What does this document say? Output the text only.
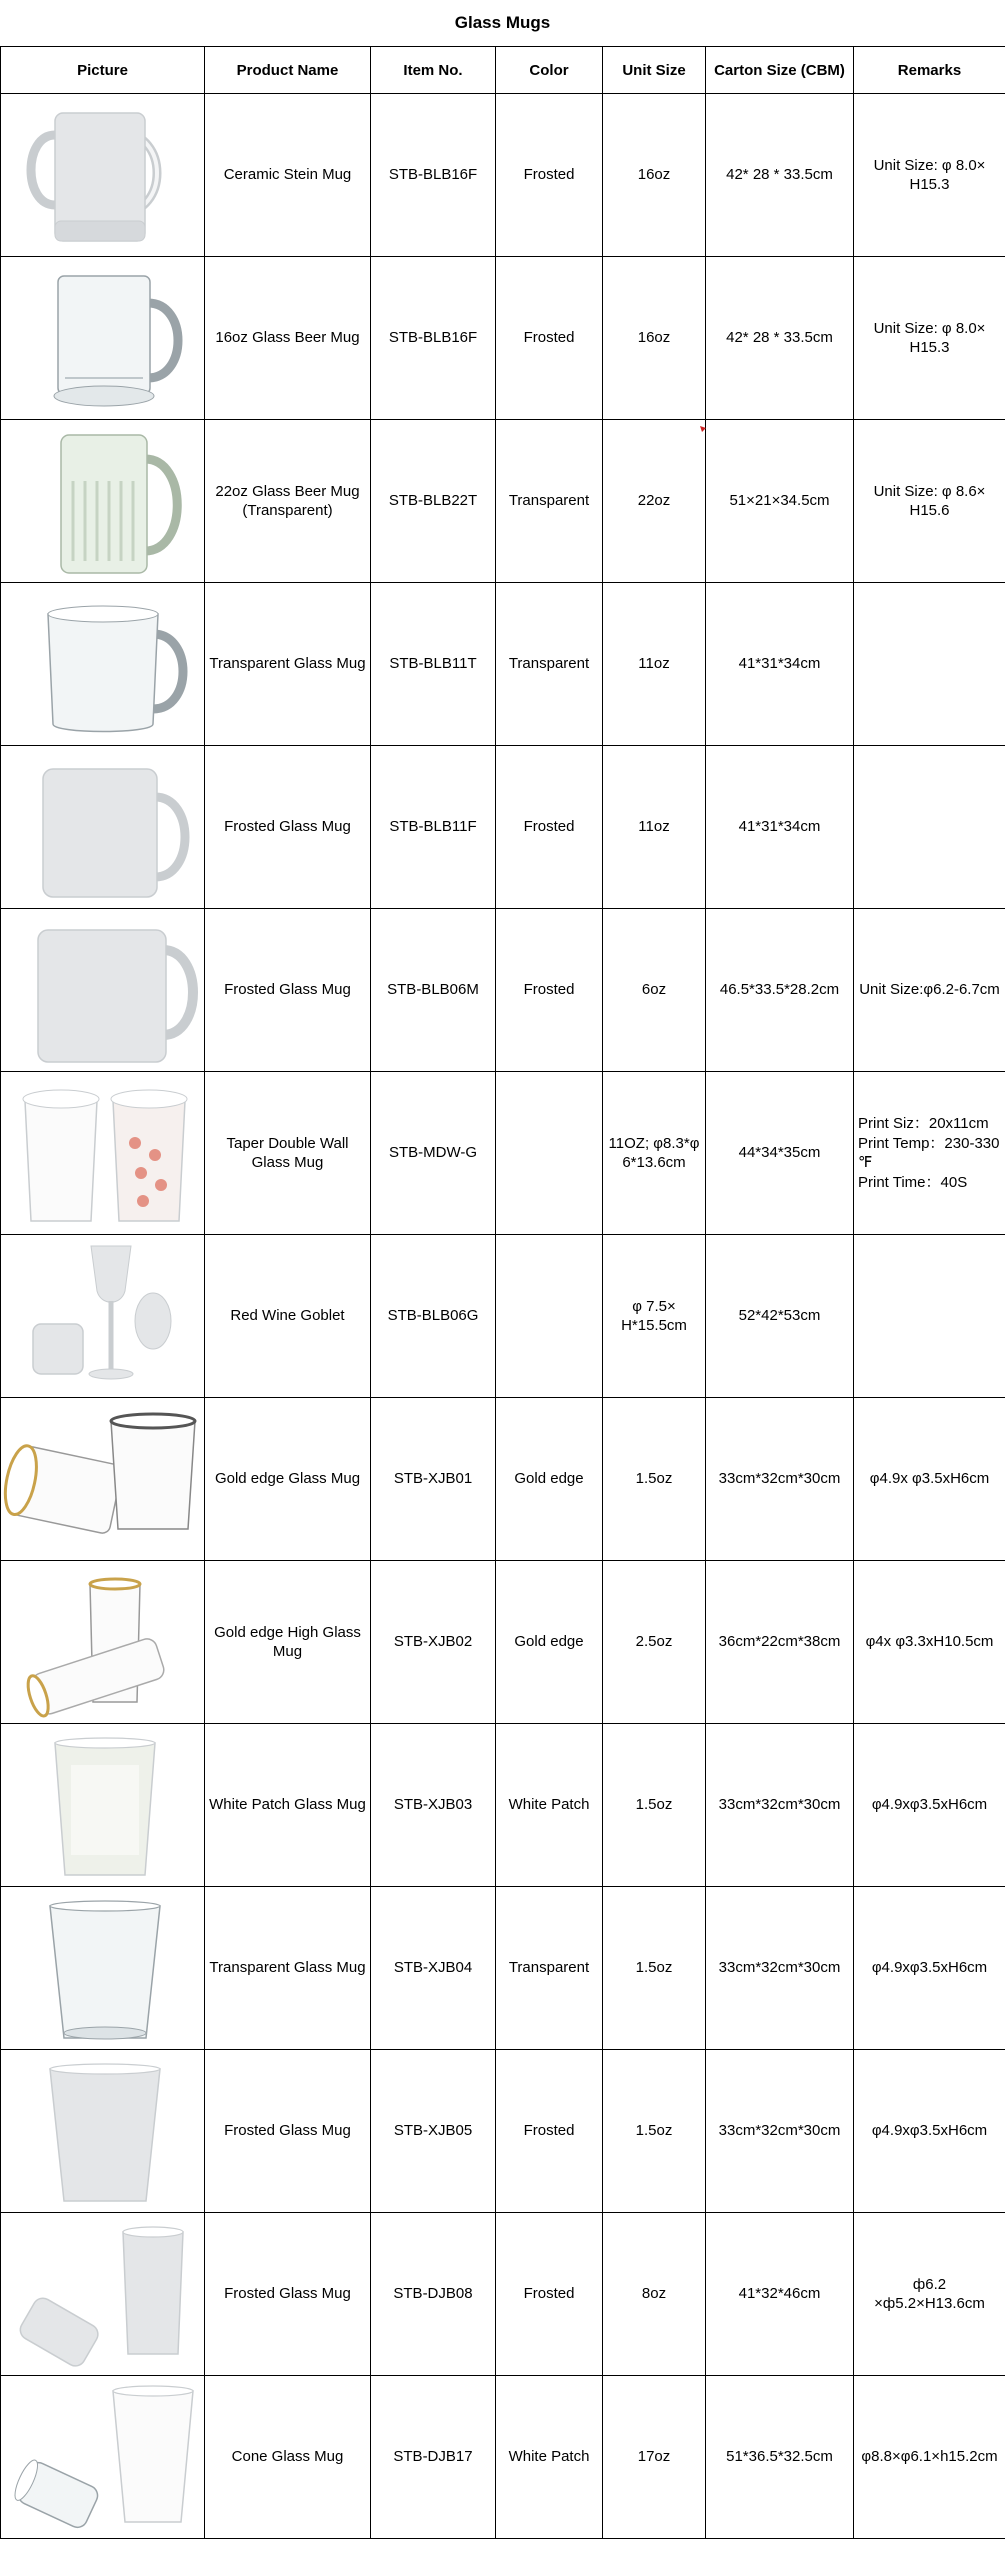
Glass Mugs
Picture	Product Name	Item No.	Color	Unit Size	Carton Size (CBM)	Remarks

	Ceramic Stein Mug	STB-BLB16F	Frosted	16oz	42* 28 * 33.5cm	Unit Size: φ 8.0×
H15.3

	16oz Glass Beer Mug	STB-BLB16F	Frosted	16oz	42* 28 * 33.5cm	Unit Size: φ 8.0×
H15.3

	22oz Glass Beer Mug
(Transparent)	STB-BLB22T	Transparent	22oz	51×21×34.5cm	Unit Size: φ 8.6×
H15.6

	Transparent Glass Mug	STB-BLB11T	Transparent	11oz	41*31*34cm	

	Frosted Glass Mug	STB-BLB11F	Frosted	11oz	41*31*34cm	

	Frosted Glass Mug	STB-BLB06M	Frosted	6oz	46.5*33.5*28.2cm	Unit Size:φ6.2-6.7cm

	Taper Double Wall
Glass Mug	STB-MDW-G		11OZ; φ8.3*φ
6*13.6cm	44*34*35cm	Print Siz：20x11cm
Print Temp：230-330
℉
Print Time：40S

	Red Wine Goblet	STB-BLB06G		φ 7.5×
H*15.5cm	52*42*53cm	

	Gold edge Glass Mug	STB-XJB01	Gold edge	1.5oz	33cm*32cm*30cm	φ4.9x φ3.5xH6cm

	Gold edge High Glass
Mug	STB-XJB02	Gold edge	2.5oz	36cm*22cm*38cm	φ4x φ3.3xH10.5cm

	White Patch Glass Mug	STB-XJB03	White Patch	1.5oz	33cm*32cm*30cm	φ4.9xφ3.5xH6cm

	Transparent Glass Mug	STB-XJB04	Transparent	1.5oz	33cm*32cm*30cm	φ4.9xφ3.5xH6cm

	Frosted Glass Mug	STB-XJB05	Frosted	1.5oz	33cm*32cm*30cm	φ4.9xφ3.5xH6cm

	Frosted Glass Mug	STB-DJB08	Frosted	8oz	41*32*46cm	ф6.2 ×ф5.2×H13.6cm

	Cone Glass Mug	STB-DJB17	White Patch	17oz	51*36.5*32.5cm	φ8.8×φ6.1×h15.2cm
